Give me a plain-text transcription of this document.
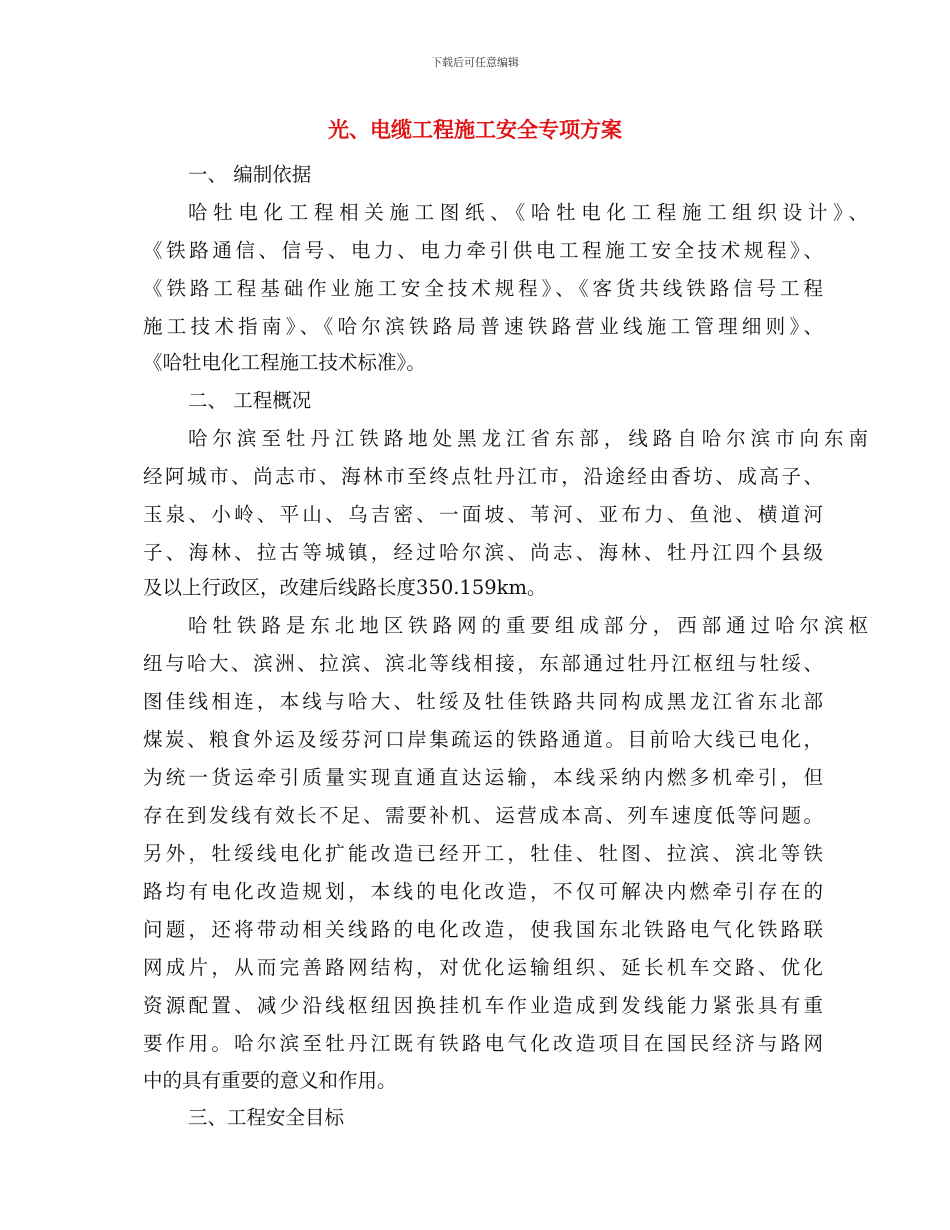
下载后可任意编辑
光、电缆工程施工安全专项方案
一、 编制依据
哈牡电化工程相关施工图纸、《哈牡电化工程施工组织设计》、
《铁路通信、信号、电力、电力牵引供电工程施工安全技术规程》、
《铁路工程基础作业施工安全技术规程》、《客货共线铁路信号工程
施工技术指南》、《哈尔滨铁路局普速铁路营业线施工管理细则》、
《哈牡电化工程施工技术标准》。
二、 工程概况
哈尔滨至牡丹江铁路地处黑龙江省东部，线路自哈尔滨市向东南
经阿城市、尚志市、海林市至终点牡丹江市，沿途经由香坊、成高子、
玉泉、小岭、平山、乌吉密、一面坡、苇河、亚布力、鱼池、横道河
子、海林、拉古等城镇，经过哈尔滨、尚志、海林、牡丹江四个县级
及以上行政区，改建后线路长度350.159km。
哈牡铁路是东北地区铁路网的重要组成部分，西部通过哈尔滨枢
纽与哈大、滨洲、拉滨、滨北等线相接，东部通过牡丹江枢纽与牡绥、
图佳线相连，本线与哈大、牡绥及牡佳铁路共同构成黑龙江省东北部
煤炭、粮食外运及绥芬河口岸集疏运的铁路通道。目前哈大线已电化，
为统一货运牵引质量实现直通直达运输，本线采纳内燃多机牵引，但
存在到发线有效长不足、需要补机、运营成本高、列车速度低等问题。
另外，牡绥线电化扩能改造已经开工，牡佳、牡图、拉滨、滨北等铁
路均有电化改造规划，本线的电化改造，不仅可解决内燃牵引存在的
问题，还将带动相关线路的电化改造，使我国东北铁路电气化铁路联
网成片，从而完善路网结构，对优化运输组织、延长机车交路、优化
资源配置、减少沿线枢纽因换挂机车作业造成到发线能力紧张具有重
要作用。哈尔滨至牡丹江既有铁路电气化改造项目在国民经济与路网
中的具有重要的意义和作用。
三、工程安全目标
